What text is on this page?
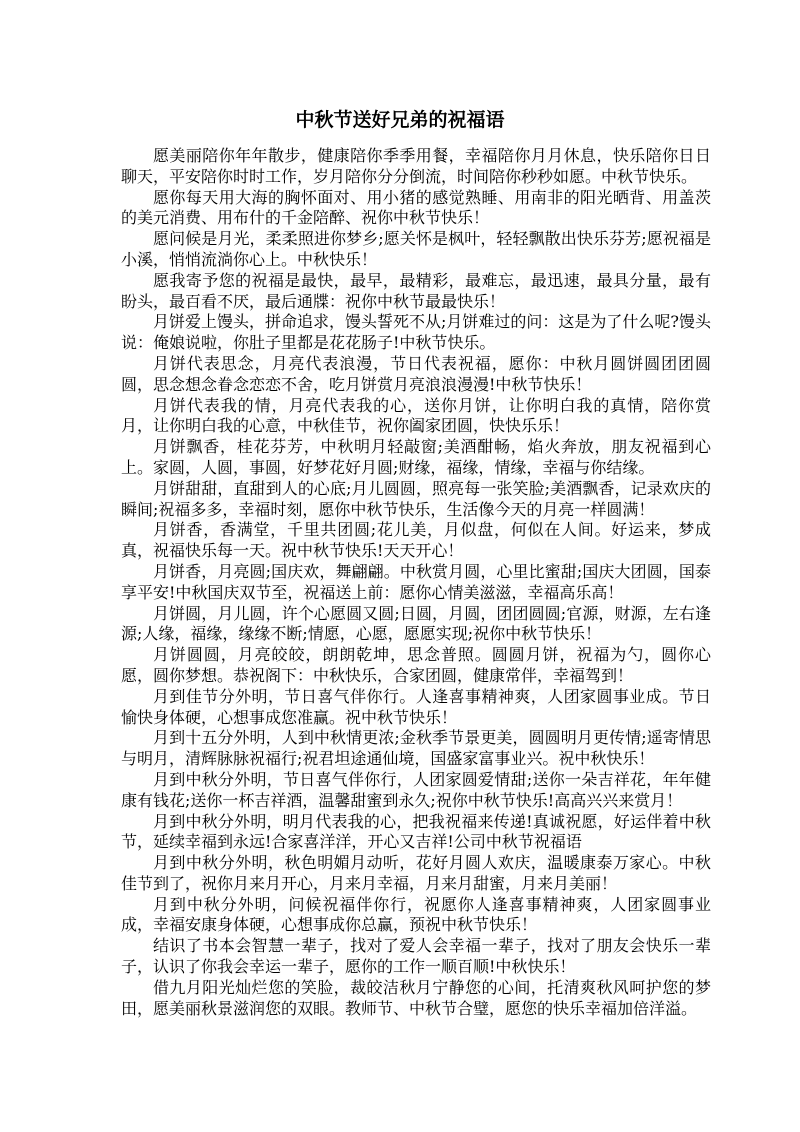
中秋节送好兄弟的祝福语

愿美丽陪你年年散步，健康陪你季季用餐，幸福陪你月月休息，快乐陪你日日聊天，平安陪你时时工作，岁月陪你分分倒流，时间陪你秒秒如愿。中秋节快乐。

愿你每天用大海的胸怀面对、用小猪的感觉熟睡、用南非的阳光晒背、用盖茨的美元消费、用布什的千金陪醉、祝你中秋节快乐！

愿问候是月光，柔柔照进你梦乡;愿关怀是枫叶，轻轻飘散出快乐芬芳;愿祝福是小溪，悄悄流淌你心上。中秋快乐！

愿我寄予您的祝福是最快，最早，最精彩，最难忘，最迅速，最具分量，最有盼头，最百看不厌，最后通牒：祝你中秋节最最快乐！

月饼爱上馒头，拼命追求，馒头誓死不从;月饼难过的问：这是为了什么呢?馒头说：俺娘说啦，你肚子里都是花花肠子!中秋节快乐。

月饼代表思念，月亮代表浪漫，节日代表祝福，愿你：中秋月圆饼圆团团圆圆，思念想念眷念恋恋不舍，吃月饼赏月亮浪浪漫漫!中秋节快乐！

月饼代表我的情，月亮代表我的心，送你月饼，让你明白我的真情，陪你赏月，让你明白我的心意，中秋佳节，祝你阖家团圆，快快乐乐！

月饼飘香，桂花芬芳，中秋明月轻敲窗;美酒酣畅，焰火奔放，朋友祝福到心上。家圆，人圆，事圆，好梦花好月圆;财缘，福缘，情缘，幸福与你结缘。

月饼甜甜，直甜到人的心底;月儿圆圆，照亮每一张笑脸;美酒飘香，记录欢庆的瞬间;祝福多多，幸福时刻，愿你中秋节快乐，生活像今天的月亮一样圆满！

月饼香，香满堂，千里共团圆;花儿美，月似盘，何似在人间。好运来，梦成真，祝福快乐每一天。祝中秋节快乐!天天开心！

月饼香，月亮圆;国庆欢，舞翩翩。中秋赏月圆，心里比蜜甜;国庆大团圆，国泰享平安!中秋国庆双节至，祝福送上前：愿你心情美滋滋，幸福高乐高！

月饼圆，月儿圆，许个心愿圆又圆;日圆，月圆，团团圆圆;官源，财源，左右逢源;人缘，福缘，缘缘不断;情愿，心愿，愿愿实现;祝你中秋节快乐！

月饼圆圆，月亮皎皎，朗朗乾坤，思念普照。圆圆月饼，祝福为勺，圆你心愿，圆你梦想。恭祝阁下：中秋快乐，合家团圆，健康常伴，幸福驾到！

月到佳节分外明，节日喜气伴你行。人逢喜事精神爽，人团家圆事业成。节日愉快身体硬，心想事成您准赢。祝中秋节快乐！

月到十五分外明，人到中秋情更浓;金秋季节景更美，圆圆明月更传情;遥寄情思与明月，清辉脉脉祝福行;祝君坦途通仙境，国盛家富事业兴。祝中秋快乐！

月到中秋分外明，节日喜气伴你行，人团家圆爱情甜;送你一朵吉祥花，年年健康有钱花;送你一杯吉祥酒，温馨甜蜜到永久;祝你中秋节快乐!高高兴兴来赏月！

月到中秋分外明，明月代表我的心，把我祝福来传递!真诚祝愿，好运伴着中秋节，延续幸福到永远!合家喜洋洋，开心又吉祥!公司中秋节祝福语

月到中秋分外明，秋色明媚月动听，花好月圆人欢庆，温暖康泰万家心。中秋佳节到了，祝你月来月开心，月来月幸福，月来月甜蜜，月来月美丽！

月到中秋分外明，问候祝福伴你行，祝愿你人逢喜事精神爽，人团家圆事业成，幸福安康身体硬，心想事成你总赢，预祝中秋节快乐！

结识了书本会智慧一辈子，找对了爱人会幸福一辈子，找对了朋友会快乐一辈子，认识了你我会幸运一辈子，愿你的工作一顺百顺!中秋快乐！

借九月阳光灿烂您的笑脸，裁皎洁秋月宁静您的心间，托清爽秋风呵护您的梦田，愿美丽秋景滋润您的双眼。教师节、中秋节合璧，愿您的快乐幸福加倍洋溢。
